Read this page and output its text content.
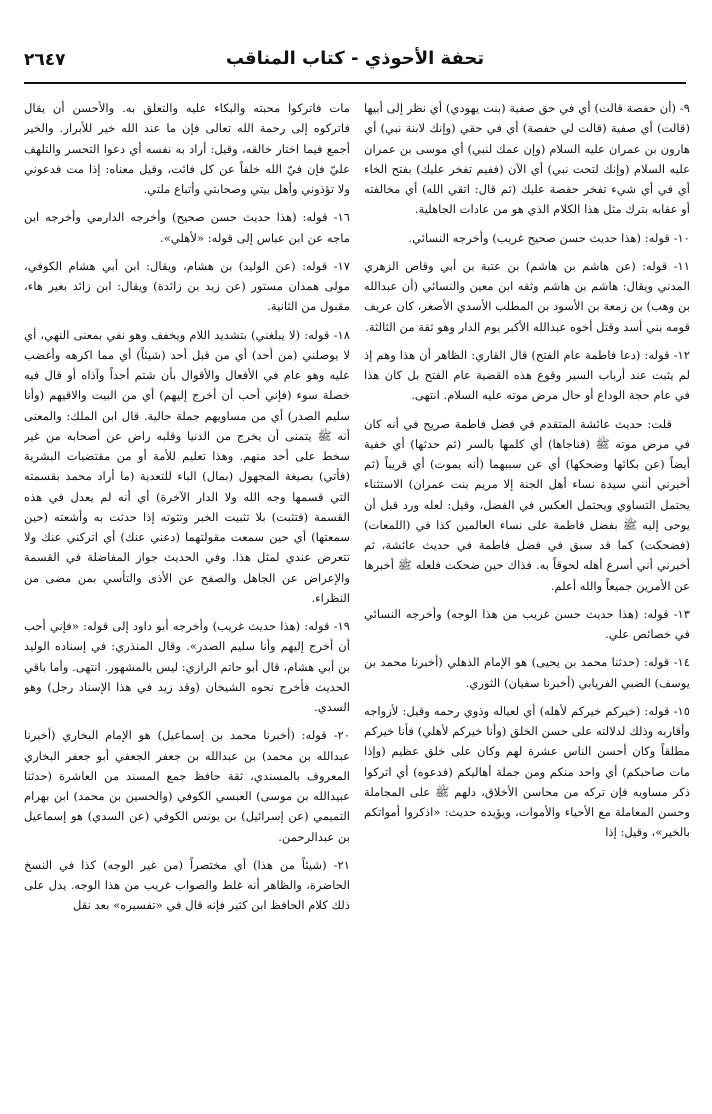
٢٦٤٧	تحفة الأحوذي - كتاب المناقب

٩- (أن حفصة قالت) أي في حق صفية (بنت يهودي) أي نظر إلى أبيها (قالت) أي صفية (قالت لي حفصة) أي في حقي (وإنك لابنة نبي) أي هارون بن عمران عليه السلام (وإن عمك لنبي) أي موسى بن عمران عليه السلام (وإنك لتحت نبي) أي الآن (ففيم تفخر عليك) بفتح الخاء أي في أي شيء تفخر حفصة عليك (ثم قال: اتقي الله) أي مخالفته أو عقابه بترك مثل هذا الكلام الذي هو من عادات الجاهلية.

١٠- قوله: (هذا حديث حسن صحيح غريب) وأخرجه النسائي.

١١- قوله: (عن هاشم بن هاشم) بن عتبة بن أبي وقاص الزهري المدني ويقال: هاشم بن هاشم وثقه ابن معين والنسائي (أن عبدالله بن وهب) بن زمعة بن الأسود بن المطلب الأسدي الأصغر، كان عريف قومه بني أسد وقتل أخوه عبدالله الأكبر يوم الدار وهو ثقة من الثالثة.

١٢- قوله: (دعا فاطمة عام الفتح) قال القاري: الظاهر أن هذا وهم إذ لم يثبت عند أرباب السير وقوع هذه القضية عام الفتح بل كان هذا في عام حجة الوداع أو حال مرض موته عليه السلام. انتهى.

قلت: حديث عائشة المتقدم في فضل فاطمة صريح في أنه كان في مرض موته ﷺ (فناجاها) أي كلمها بالسر (ثم حدثها) أي خفية أيضاً (عن بكائها وضحكها) أي عن سببهما (أنه يموت) أي قريباً (ثم أخبرني أنني سيدة نساء أهل الجنة إلا مريم بنت عمران) الاستثناء يحتمل التساوي ويحتمل العكس في الفضل، وقيل: لعله ورد قبل أن يوحى إليه ﷺ بفضل فاطمة على نساء العالمين كذا في (اللمعات) (فضحكت) كما قد سبق في فضل فاطمة في حديث عائشة، ثم أخبرني أني أسرع أهله لحوقاً به. فذاك حين ضحكت فلعله ﷺ أخبرها عن الأمرين جميعاً والله أعلم.

١٣- قوله: (هذا حديث حسن غريب من هذا الوجه) وأخرجه النسائي في خصائص علي.

١٤- قوله: (حدثنا محمد بن يحيى) هو الإمام الذهلي (أخبرنا محمد بن يوسف) الضبي الفريابي (أخبرنا سفيان) الثوري.

١٥- قوله: (خيركم خيركم لأهله) أي لعياله وذوي رحمه وقيل: لأزواجه وأقاربه وذلك لدلالته على حسن الخلق (وأنا خيركم لأهلي) فأنا خيركم مطلقاً وكان أحسن الناس عشرة لهم وكان على خلق عظيم (وإذا مات صاحبكم) أي واحد منكم ومن جملة أهاليكم (فدعوه) أي اتركوا ذكر مساويه فإن تركه من محاسن الأخلاق، دلهم ﷺ على المجاملة وحسن المعاملة مع الأحياء والأموات، ويؤيده حديث: «اذكروا أمواتكم بالخير»، وقيل: إذا

مات فاتركوا محبته والبكاء عليه والتعلق به. والأحسن أن يقال فاتركوه إلى رحمة الله تعالى فإن ما عند الله خير للأبرار. والخير أجمع فيما اختار خالقه، وقيل: أراد به نفسه أي دعوا التحسر والتلهف عليّ فإن فيّ الله خلفاً عن كل فائت، وقيل معناه: إذا مت فدعوني ولا تؤذوني وأهل بيتي وصحابتي وأتباع ملتي.

١٦- قوله: (هذا حديث حسن صحيح) وأخرجه الدارمي وأخرجه ابن ماجه عن ابن عباس إلى قوله: «لأهلي».

١٧- قوله: (عن الوليد) بن هشام، ويقال: ابن أبي هشام الكوفي، مولى همدان مستور (عن زيد بن زائدة) ويقال: ابن زائد بغير هاء، مقبول من الثانية.

١٨- قوله: (لا يبلغني) بتشديد اللام ويخفف وهو نفي بمعنى النهي، أي لا يوصلني (من أحد) أي من قبل أحد (شيئاً) أي مما اكرهه وأغضب عليه وهو عام في الأفعال والأقوال بأن شتم أحداً وآذاه أو قال فيه خصلة سوء (فإني أحب أن أخرج إليهم) أي من البيت والاقيهم (وأنا سليم الصدر) أي من مساويهم جملة حالية. قال ابن الملك: والمعنى أنه ﷺ يتمنى أن يخرج من الدنيا وقلبه راض عن أصحابه من غير سخط على أحد منهم. وهذا تعليم للأمة أو من مقتضيات البشرية (فأتي) بصيغة المجهول (بمال) الباء للتعدية (ما أراد محمد بقسمته التي قسمها وجه الله ولا الدار الآخرة) أي أنه لم يعدل في هذه القسمة (فتثبت) بلا تثبيت الخبر وتثوته إذا حدثت به وأشعته (حين سمعتها) أي حين سمعت مقولتهما (دعني عنك) أي اتركني عنك ولا تتعرض عندي لمثل هذا. وفي الحديث جواز المفاضلة في القسمة والإعراض عن الجاهل والصفح عن الأذى والتأسي بمن مضى من النظراء.

١٩- قوله: (هذا حديث غريب) وأخرجه أبو داود إلى قوله: «فإني أحب أن أخرج إليهم وأنا سليم الصدر». وقال المنذري: في إسناده الوليد بن أبي هشام، قال أبو حاتم الرازي: ليس بالمشهور. انتهى. وأما باقي الحديث فأخرج نحوه الشيخان (وقد زيد في هذا الإسناد رجل) وهو السدي.

٢٠- قوله: (أخبرنا محمد بن إسماعيل) هو الإمام البخاري (أخبرنا عبدالله بن محمد) بن عبدالله بن جعفر الجعفي أبو جعفر البخاري المعروف بالمسندي، ثقة حافظ جمع المسند من العاشرة (حدثنا عبيدالله بن موسى) العبسي الكوفي (والحسين بن محمد) ابن بهرام التميمي (عن إسرائيل) بن يونس الكوفي (عن السدي) هو إسماعيل بن عبدالرحمن.

٢١- (شيئاً من هذا) أي مختصراً (من غير الوجه) كذا في النسخ الحاضرة، والظاهر أنه غلط والصواب غريب من هذا الوجه. يدل على ذلك كلام الحافظ ابن كثير فإنه قال في «تفسيره» بعد نقل
